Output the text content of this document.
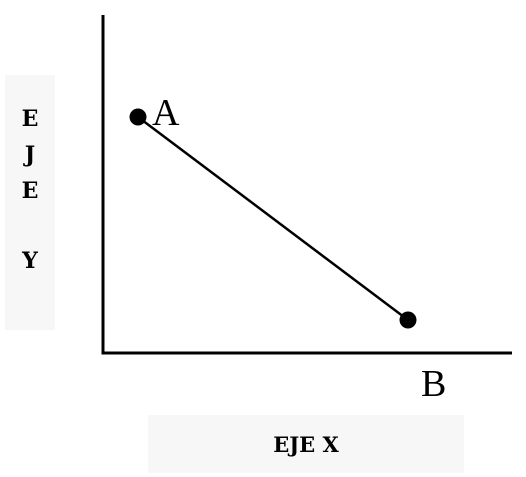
E
J
E
Y
EJE X
A
B
